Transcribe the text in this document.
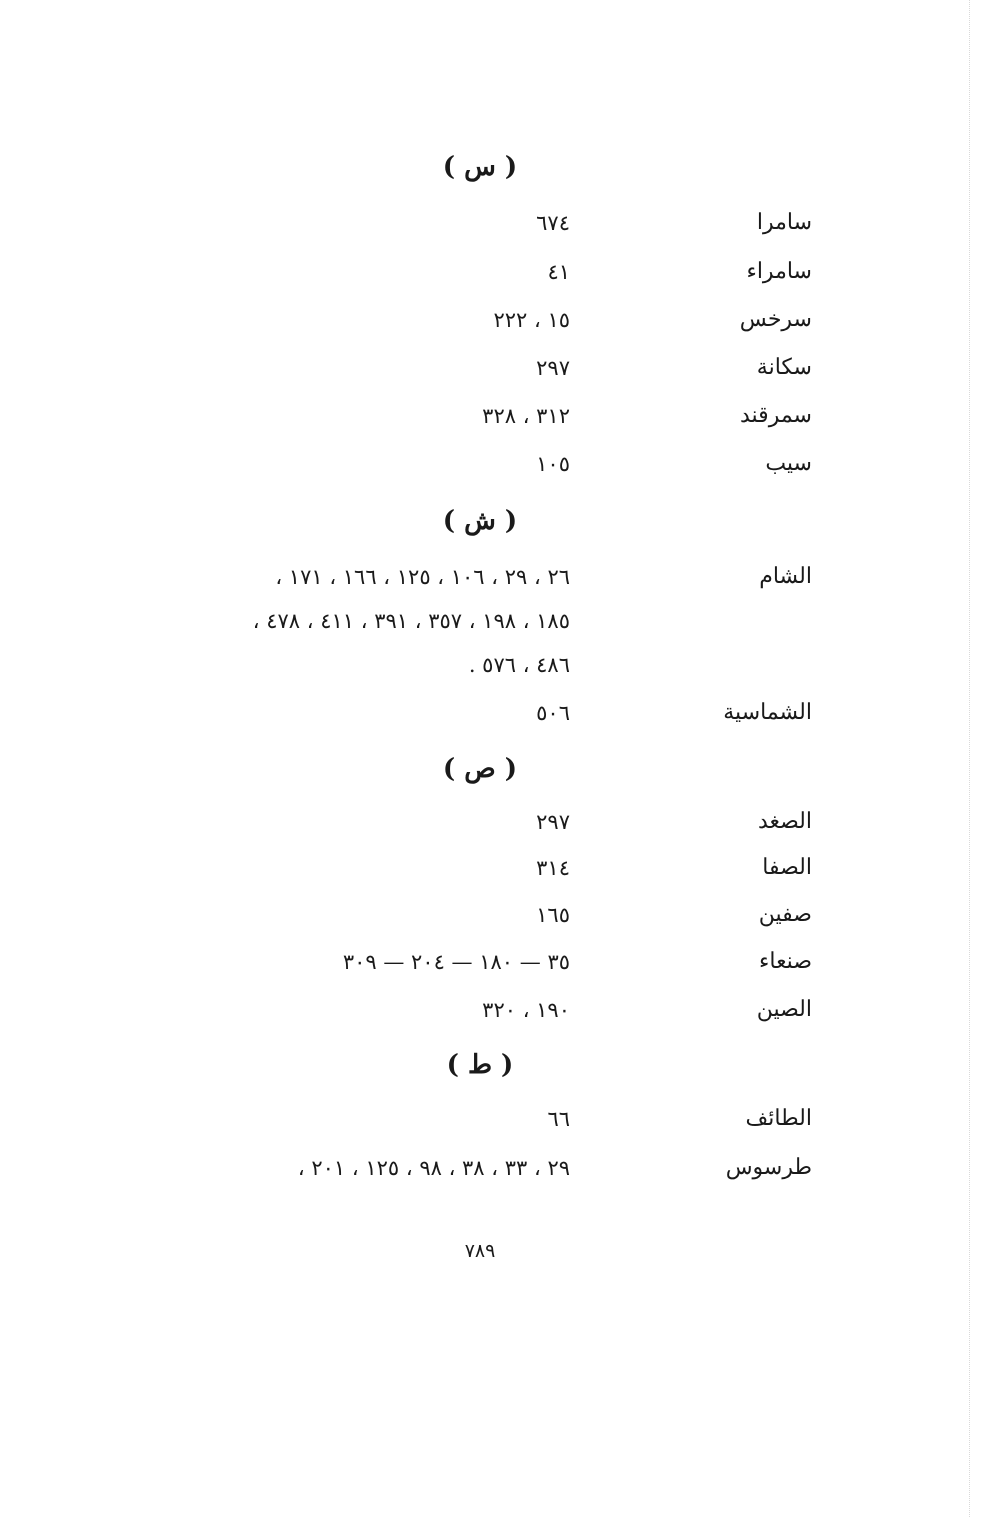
( س )
سامرا
٦٧٤
سامراء
٤١
سرخس
١٥ ، ٢٢٢
سكانة
٢٩٧
سمرقند
٣١٢ ، ٣٢٨
سيب
١٠٥
( ش )
الشام
٢٦ ، ٢٩ ، ١٠٦ ، ١٢٥ ، ١٦٦ ، ١٧١ ،
١٨٥ ، ١٩٨ ، ٣٥٧ ، ٣٩١ ، ٤١١ ، ٤٧٨ ،
٤٨٦ ، ٥٧٦ .
الشماسية
٥٠٦
( ص )
الصغد
٢٩٧
الصفا
٣١٤
صفين
١٦٥
صنعاء
٣٥ — ١٨٠ — ٢٠٤ — ٣٠٩
الصين
١٩٠ ، ٣٢٠
( ط )
الطائف
٦٦
طرسوس
٢٩ ، ٣٣ ، ٣٨ ، ٩٨ ، ١٢٥ ، ٢٠١ ،
٧٨٩
